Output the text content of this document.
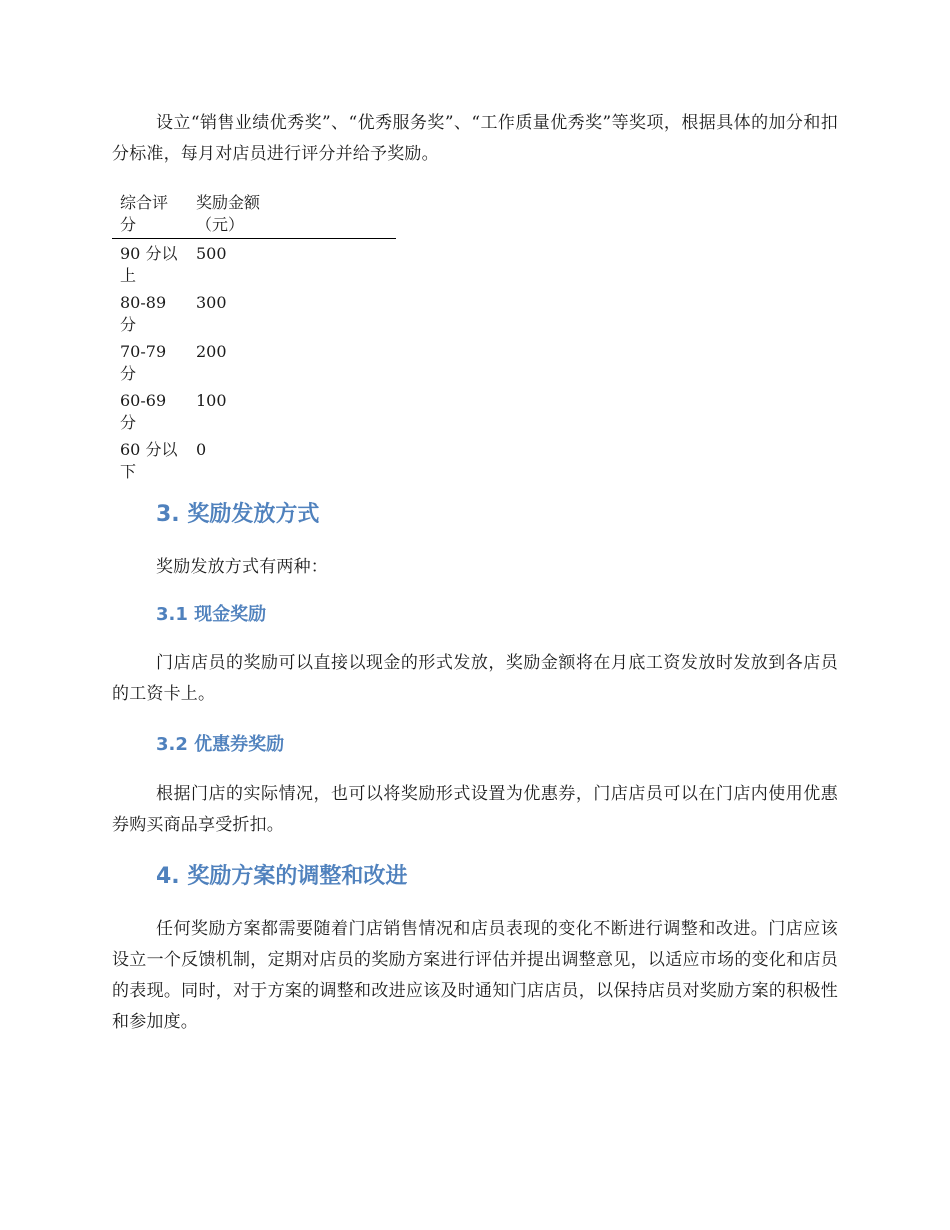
设立“销售业绩优秀奖”、“优秀服务奖”、“工作质量优秀奖”等奖项，根据具体的加分和扣分标准，每月对店员进行评分并给予奖励。

综合评分	奖励金额
（元）	
90 分以上	500	
80-89 分	300	
70-79 分	200	
60-69 分	100	
60 分以下	0	
3. 奖励发放方式

奖励发放方式有两种：

3.1 现金奖励

门店店员的奖励可以直接以现金的形式发放，奖励金额将在月底工资发放时发放到各店员的工资卡上。

3.2 优惠券奖励

根据门店的实际情况，也可以将奖励形式设置为优惠券，门店店员可以在门店内使用优惠券购买商品享受折扣。

4. 奖励方案的调整和改进

任何奖励方案都需要随着门店销售情况和店员表现的变化不断进行调整和改进。门店应该设立一个反馈机制，定期对店员的奖励方案进行评估并提出调整意见，以适应市场的变化和店员的表现。同时，对于方案的调整和改进应该及时通知门店店员，以保持店员对奖励方案的积极性和参加度。
